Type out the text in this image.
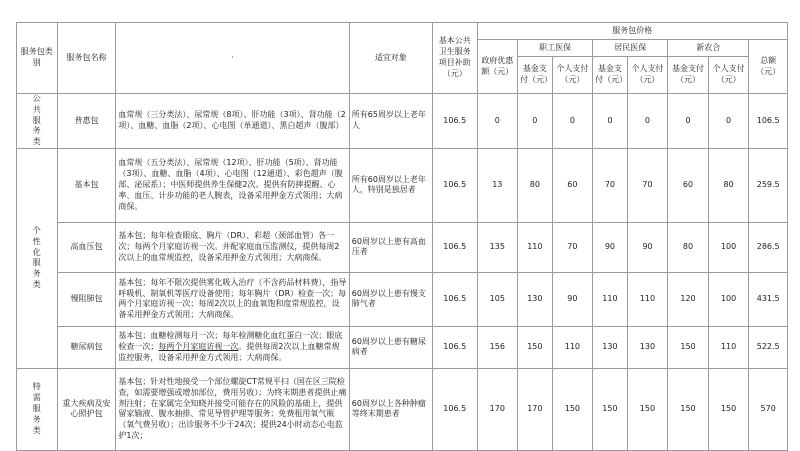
服务包类别	服务包名称	·	适宜对象	基本公共卫生服务项目补助（元）	服务包价格							
					政府优惠额（元）	职工医保		居民医保		新农合		总额（元）
						基金支付（元）	个人支付（元）	基金支付（元）	个人支付（元）	基金支付（元）	个人支付（元）	
公共服务类	普惠包	血常规（三分类法）、尿常规（8项）、肝功能（3项）、肾功能（2项）、血糖、血脂（2项）、心电图（单通道）、黑白超声（腹部）	所有65周岁以上老年人	106.5	0	0	0	0	0	0	0	106.5
个性化服务类	基本包	血常规（五分类法）、尿常规（12项）、肝功能（5项）、肾功能（3项）、血糖、血脂（4项）、心电图（12通道）、彩色超声（腹部、泌尿系）；中医师提供养生保健2次。提供有防摔提醒、心率、血压、计步功能的老人腕表，设备采用押金方式领用；大病商保。	所有60周岁以上老年人，特别是独居者	106.5	13	80	60	70	70	60	80	259.5
	高血压包	基本包；每年检查眼底、胸片（DR）、彩超（颈部血管）各一次；每两个月家庭访视一次。并配家庭血压监测仪，提供每周2次以上的血常规监控，设备采用押金方式领用；大病商保。	60周岁以上患有高血压者	106.5	135	110	70	90	90	80	100	286.5
	慢阻肺包	基本包；每年不限次提供雾化吸入治疗（不含药品材料费），指导呼吸机、制氧机等医疗设备使用；每年胸片（DR）检查一次；每两个月家庭访视一次；每周2次以上的血氧饱和度常规监控，设备采用押金方式领用；大病商保。	60周岁以上患有慢支肺气者	106.5	105	130	90	110	110	120	100	431.5
	糖尿病包	基本包；血糖检测每月一次；每年检测糖化血红蛋白一次；眼底检查一次；每两个月家庭访视一次。提供每周2次以上血糖常规监控服务，设备采用押金方式领用；大病商保。	60周岁以上患有糖尿病者	106.5	156	150	110	130	130	150	110	522.5
特需服务类	重大疾病及安心照护包	基本包；针对性地接受一个部位螺旋CT常规平扫（国在区三院检查，如需要增强或增加部位，费用另收）；为终末期患者提供止痛剂注射；在家属完全知晓并接受可能存在的风险的基础上，提供留家输液、腹水抽排、常见导管护理等服务；免费租用氧气瓶（氧气费另收）；出诊服务不少于24次；提供24小时动态心电监护1次；	60周岁以上各种肿瘤等终末期患者	106.5	170	170	150	150	150	150	150	570
